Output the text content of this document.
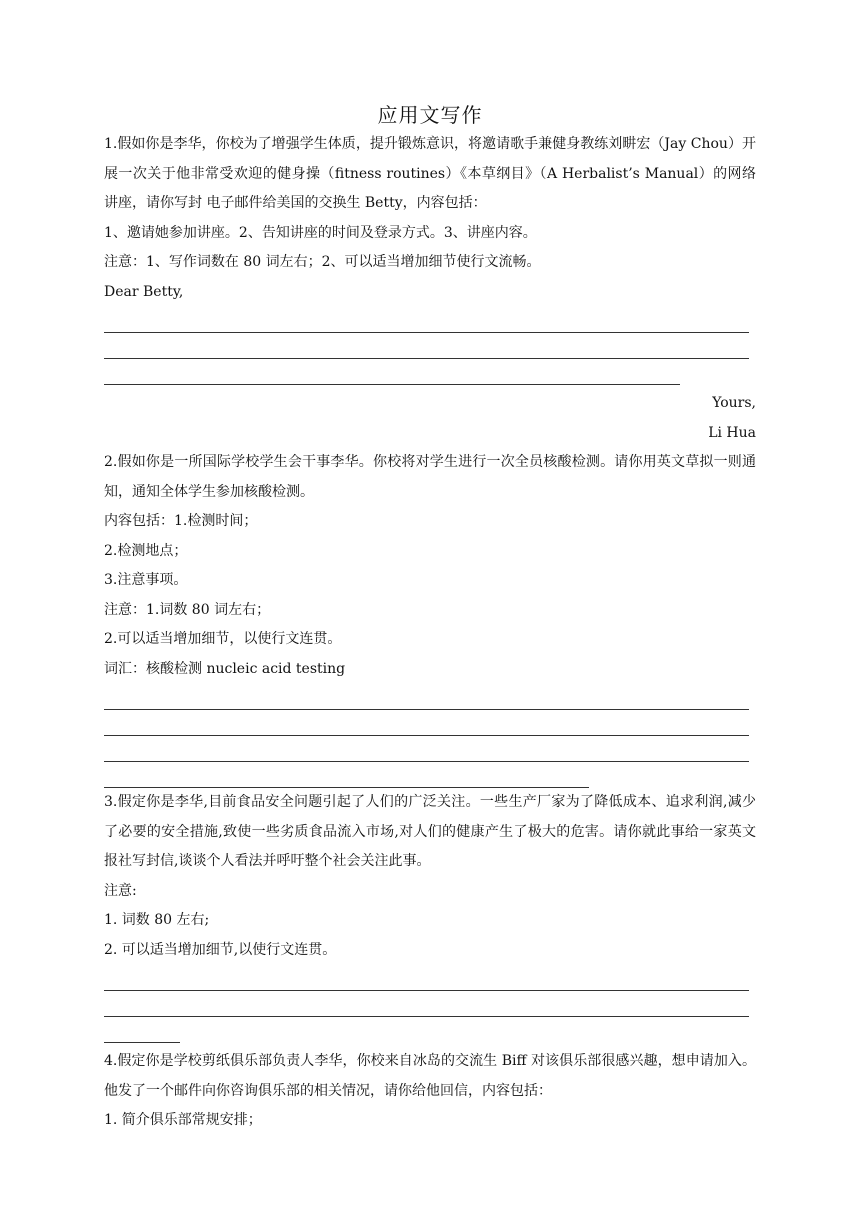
应用文写作

1.假如你是李华，你校为了增强学生体质，提升锻炼意识，将邀请歌手兼健身教练刘畊宏（Jay Chou）开展一次关于他非常受欢迎的健身操（fitness routines）《本草纲目》（A Herbalist’s Manual）的网络讲座，请你写封 电子邮件给美国的交换生 Betty，内容包括：

1、邀请她参加讲座。2、告知讲座的时间及登录方式。3、讲座内容。

注意：1、写作词数在 80 词左右；2、可以适当增加细节使行文流畅。

Dear Betty,

Yours,

Li Hua

2.假如你是一所国际学校学生会干事李华。你校将对学生进行一次全员核酸检测。请你用英文草拟一则通知，通知全体学生参加核酸检测。

内容包括：1.检测时间；

2.检测地点；

3.注意事项。

注意：1.词数 80 词左右；

2.可以适当增加细节，以使行文连贯。

词汇：核酸检测 nucleic acid testing

3.假定你是李华,目前食品安全问题引起了人们的广泛关注。一些生产厂家为了降低成本、追求利润,减少了必要的安全措施,致使一些劣质食品流入市场,对人们的健康产生了极大的危害。请你就此事给一家英文报社写封信,谈谈个人看法并呼吁整个社会关注此事。

注意:

1. 词数 80 左右;

2. 可以适当增加细节,以使行文连贯。

4.假定你是学校剪纸俱乐部负责人李华，你校来自冰岛的交流生 Biff 对该俱乐部很感兴趣，想申请加入。他发了一个邮件向你咨询俱乐部的相关情况，请你给他回信，内容包括：

1. 简介俱乐部常规安排；
